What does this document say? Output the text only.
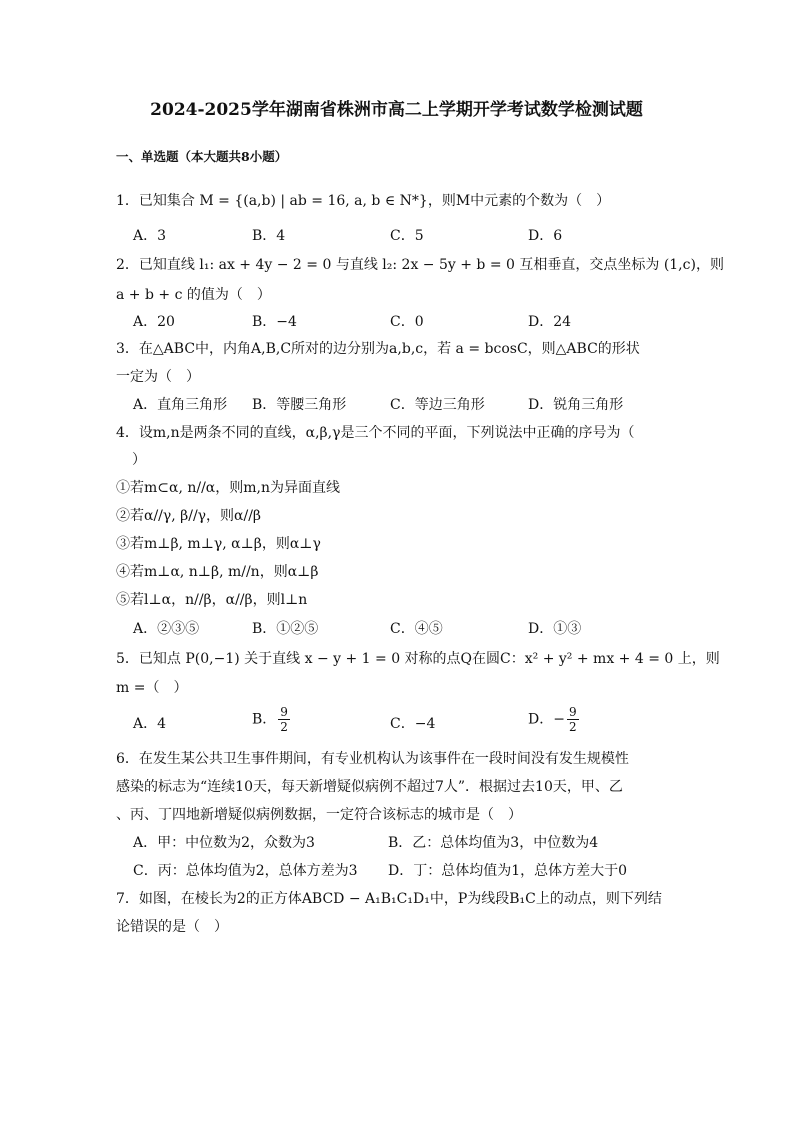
2024-2025学年湖南省株洲市高二上学期开学考试数学检测试题
一、单选题（本大题共8小题）
1．已知集合 M = {(a,b) | ab = 16, a, b ∈ N*}，则M中元素的个数为（　）
A．3	B．4	C．5	D．6
2．已知直线 l₁: ax + 4y − 2 = 0 与直线 l₂: 2x − 5y + b = 0 互相垂直，交点坐标为 (1,c)，则
a + b + c 的值为（　）
A．20	B．−4	C．0	D．24
3．在△ABC中，内角A,B,C所对的边分别为a,b,c，若 a = bcosC，则△ABC的形状
一定为（　）
A．直角三角形 B．等腰三角形	C．等边三角形	D．锐角三角形
4．设m,n是两条不同的直线，α,β,γ是三个不同的平面，下列说法中正确的序号为（
）
①若m⊂α, n//α，则m,n为异面直线
②若α//γ, β//γ，则α//β
③若m⊥β, m⊥γ, α⊥β，则α⊥γ
④若m⊥α, n⊥β, m//n，则α⊥β
⑤若l⊥α，n//β，α//β，则l⊥n
A．②③⑤	B．①②⑤	C．④⑤	D．①③
5．已知点 P(0,−1) 关于直线 x − y + 1 = 0 对称的点Q在圆C：x² + y² + mx + 4 = 0 上，则
m =（　）
A．4	B． $\frac{9}{2}$	C．−4	D．− $\frac{9}{2}$
6．在发生某公共卫生事件期间，有专业机构认为该事件在一段时间没有发生规模性
感染的标志为“连续10天，每天新增疑似病例不超过7人”．根据过去10天，甲、乙
、丙、丁四地新增疑似病例数据，一定符合该标志的城市是（　）
A．甲：中位数为2，众数为3	B．乙：总体均值为3，中位数为4
C．丙：总体均值为2，总体方差为3 D．丁：总体均值为1，总体方差大于0
7．如图，在棱长为2的正方体ABCD − A₁B₁C₁D₁中，P为线段B₁C上的动点，则下列结
论错误的是（　）
